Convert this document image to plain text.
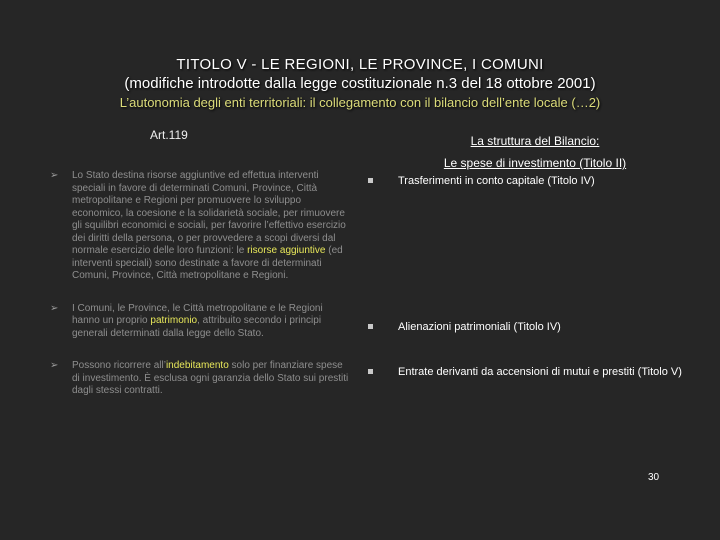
TITOLO V - LE REGIONI, LE PROVINCE, I COMUNI
(modifiche introdotte dalla legge costituzionale n.3 del 18 ottobre 2001)
L’autonomia degli enti territoriali: il collegamento con il bilancio dell’ente locale (…2)
Art.119	La struttura del Bilancio:
Le spese di investimento (Titolo II)
➢ Lo Stato destina risorse aggiuntive ed effettua interventi speciali in favore di determinati Comuni, Province, Città metropolitane e Regioni per promuovere lo sviluppo economico, la coesione e la solidarietà sociale, per rimuovere gli squilibri economici e sociali, per favorire l’effettivo esercizio dei diritti della persona, o per provvedere a scopi diversi dal normale esercizio delle loro funzioni: le risorse aggiuntive (ed interventi speciali) sono destinate a favore di determinati Comuni, Province, Città metropolitane e Regioni.
➢ I Comuni, le Province, le Città metropolitane e le Regioni hanno un proprio patrimonio, attribuito secondo i principi generali determinati dalla legge dello Stato.
➢ Possono ricorrere all’indebitamento solo per finanziare spese di investimento. È esclusa ogni garanzia dello Stato sui prestiti dagli stessi contratti.
Trasferimenti in conto capitale (Titolo IV)
Alienazioni patrimoniali (Titolo IV)
Entrate derivanti da accensioni di mutui e prestiti (Titolo V)
30
